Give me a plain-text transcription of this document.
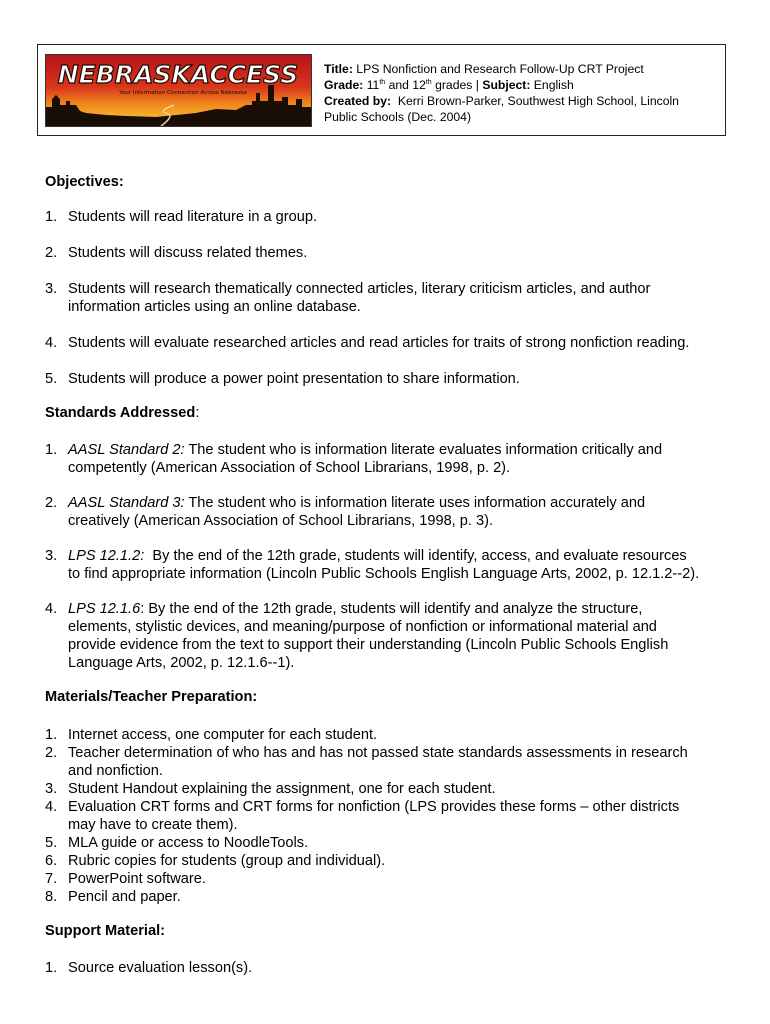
NEBRASKACCESS
Your Information Connection Across Nebraska
Title: LPS Nonfiction and Research Follow-Up CRT Project
Grade: 11th and 12th grades | Subject: English
Created by: Kerri Brown-Parker, Southwest High School, Lincoln
Public Schools (Dec. 2004)
Objectives:
1. Students will read literature in a group.
2. Students will discuss related themes.
3. Students will research thematically connected articles, literary criticism articles, and author
information articles using an online database.
4. Students will evaluate researched articles and read articles for traits of strong nonfiction reading.
5. Students will produce a power point presentation to share information.
Standards Addressed:
1. AASL Standard 2: The student who is information literate evaluates information critically and
competently (American Association of School Librarians, 1998, p. 2).
2. AASL Standard 3: The student who is information literate uses information accurately and
creatively (American Association of School Librarians, 1998, p. 3).
3. LPS 12.1.2: By the end of the 12th grade, students will identify, access, and evaluate resources
to find appropriate information (Lincoln Public Schools English Language Arts, 2002, p. 12.1.2--2).
4. LPS 12.1.6: By the end of the 12th grade, students will identify and analyze the structure,
elements, stylistic devices, and meaning/purpose of nonfiction or informational material and
provide evidence from the text to support their understanding (Lincoln Public Schools English
Language Arts, 2002, p. 12.1.6--1).
Materials/Teacher Preparation:
1. Internet access, one computer for each student.
2. Teacher determination of who has and has not passed state standards assessments in research
and nonfiction.
3. Student Handout explaining the assignment, one for each student.
4. Evaluation CRT forms and CRT forms for nonfiction (LPS provides these forms – other districts
may have to create them).
5. MLA guide or access to NoodleTools.
6. Rubric copies for students (group and individual).
7. PowerPoint software.
8. Pencil and paper.
Support Material:
1. Source evaluation lesson(s).
